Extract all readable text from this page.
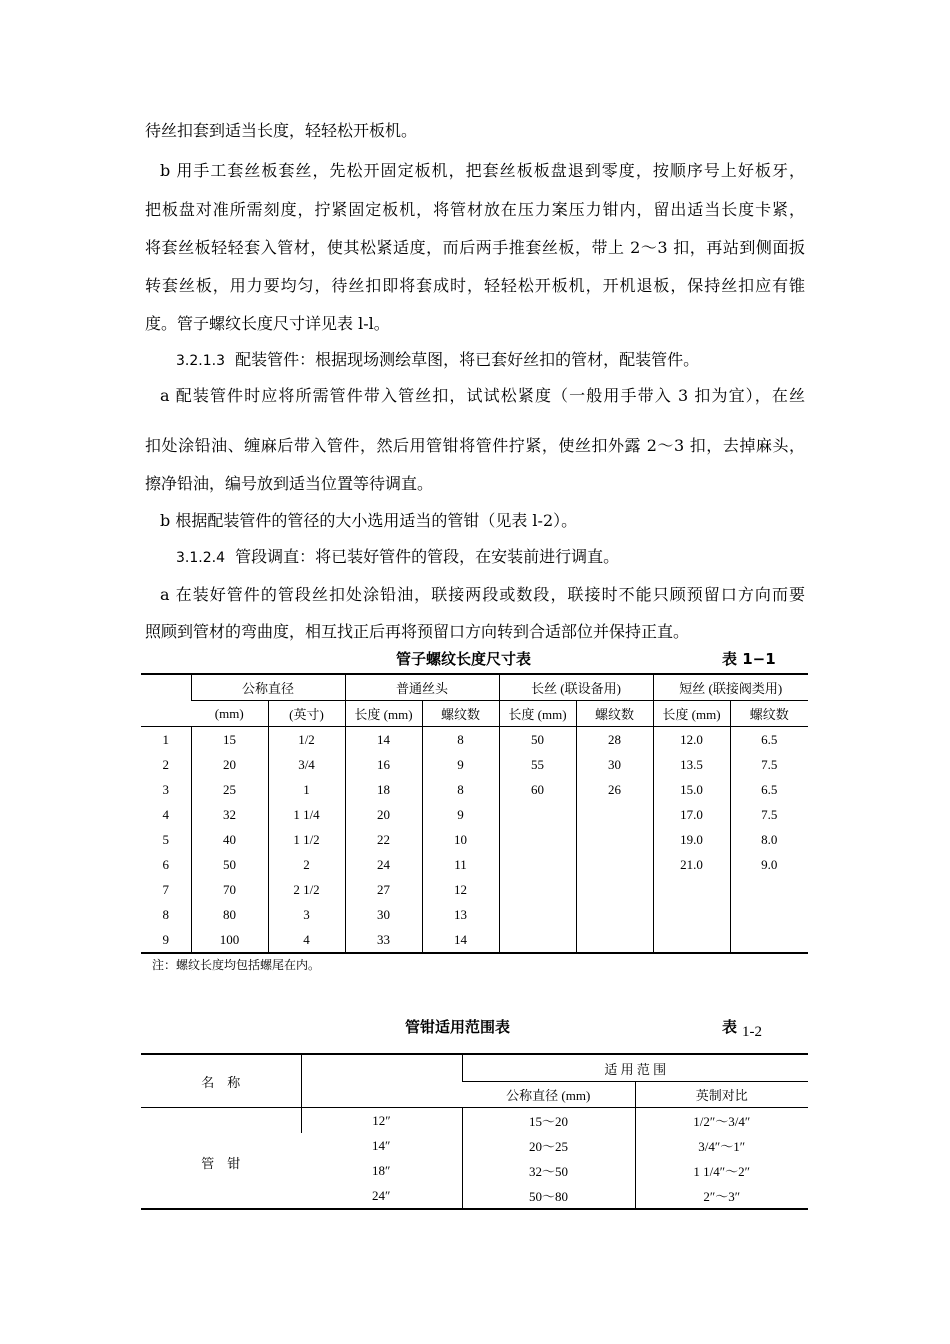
待丝扣套到适当长度，轻轻松开板机。
b 用手工套丝板套丝，先松开固定板机，把套丝板板盘退到零度，按顺序号上好板牙，
把板盘对准所需刻度，拧紧固定板机，将管材放在压力案压力钳内，留出适当长度卡紧，
将套丝板轻轻套入管材，使其松紧适度，而后两手推套丝板，带上 2～3 扣，再站到侧面扳
转套丝板，用力要均匀，待丝扣即将套成时，轻轻松开板机，开机退板，保持丝扣应有锥
度。管子螺纹长度尺寸详见表 l-l。
3.2.1.3 配装管件：根据现场测绘草图，将已套好丝扣的管材，配装管件。
a 配装管件时应将所需管件带入管丝扣，试试松紧度（一般用手带入 3 扣为宜），在丝
扣处涂铅油、缠麻后带入管件，然后用管钳将管件拧紧，使丝扣外露 2～3 扣，去掉麻头，
擦净铅油，编号放到适当位置等待调直。
b 根据配装管件的管径的大小选用适当的管钳（见表 l-2）。
3.1.2.4 管段调直：将已装好管件的管段，在安装前进行调直。
a 在装好管件的管段丝扣处涂铅油，联接两段或数段，联接时不能只顾预留口方向而要
照顾到管材的弯曲度，相互找正后再将预留口方向转到合适部位并保持正直。
管子螺纹长度尺寸表	表 1−1
	公称直径		普通丝头		长丝 (联设备用)		短丝 (联接阀类用)	
	(mm)	(英寸)	长度 (mm)	螺纹数	长度 (mm)	螺纹数	长度 (mm)	螺纹数
1	15	1/2	14	8	50	28	12.0	6.5
2	20	3/4	16	9	55	30	13.5	7.5
3	25	1	18	8	60	26	15.0	6.5
4	32	1 1/4	20	9			17.0	7.5
5	40	1 1/2	22	10			19.0	8.0
6	50	2	24	11			21.0	9.0
7	70	2 1/2	27	12				
8	80	3	30	13				
9	100	4	33	14				
注：螺纹长度均包括螺尾在内。
管钳适用范围表	表 1-2
名　称		适 用 范 围	
		公称直径 (mm)	英制对比
管　钳	12″	15～20	1/2″～3/4″
	14″	20～25	3/4″～1″
	18″	32～50	1 1/4″～2″
	24″	50～80	2″～3″
